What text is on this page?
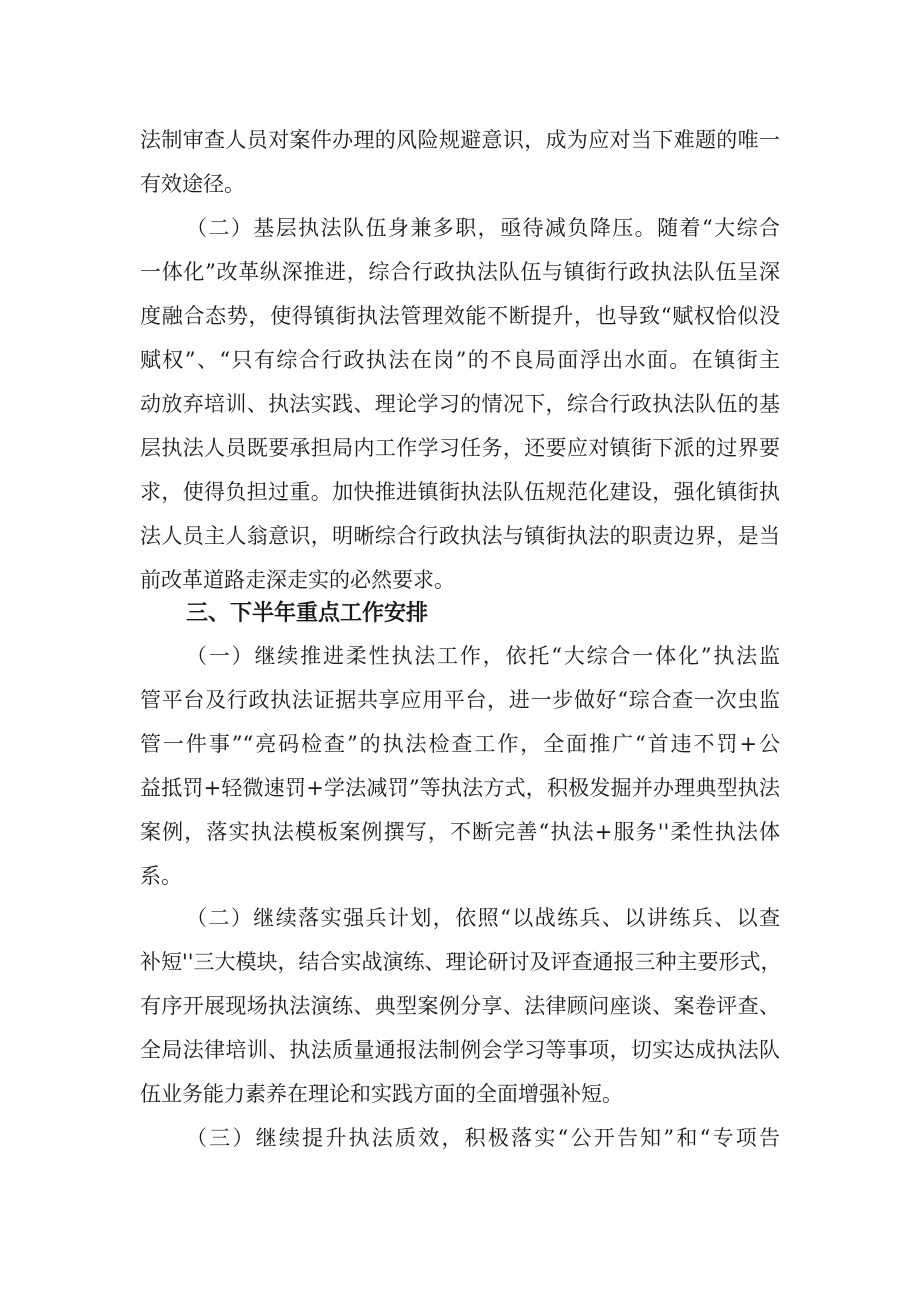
法制审查人员对案件办理的风险规避意识，成为应对当下难题的唯一
有效途径。
（二）基层执法队伍身兼多职，亟待减负降压。随着“大综合
一体化”改革纵深推进，综合行政执法队伍与镇街行政执法队伍呈深
度融合态势，使得镇街执法管理效能不断提升，也导致“赋权恰似没
赋权”、“只有综合行政执法在岗”的不良局面浮出水面。在镇街主
动放弃培训、执法实践、理论学习的情况下，综合行政执法队伍的基
层执法人员既要承担局内工作学习任务，还要应对镇街下派的过界要
求，使得负担过重。加快推进镇街执法队伍规范化建设，强化镇街执
法人员主人翁意识，明晰综合行政执法与镇街执法的职责边界，是当
前改革道路走深走实的必然要求。
三、下半年重点工作安排
（一）继续推进柔性执法工作，依托“大综合一体化”执法监
管平台及行政执法证据共享应用平台，进一步做好“琮合查一次虫监
管一件事”“亮码检查”的执法检查工作，全面推广“首违不罚+公
益抵罚+轻微速罚+学法减罚”等执法方式，积极发掘并办理典型执法
案例，落实执法模板案例撰写，不断完善“执法+服务''柔性执法体
系。
（二）继续落实强兵计划，依照“以战练兵、以讲练兵、以查
补短''三大模块，结合实战演练、理论研讨及评查通报三种主要形式，
有序开展现场执法演练、典型案例分享、法律顾问座谈、案卷评查、
全局法律培训、执法质量通报法制例会学习等事项，切实达成执法队
伍业务能力素养在理论和实践方面的全面增强补短。
（三）继续提升执法质效，积极落实“公开告知”和“专项告
